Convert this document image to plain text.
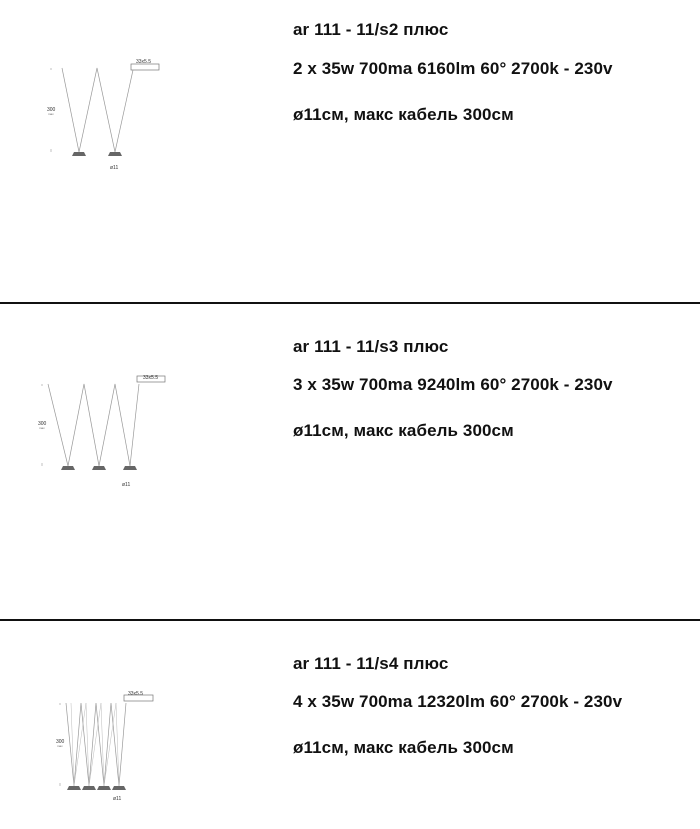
33x5.5
300
max
ø11
ar 111 - 11/s2 плюс
2 x 35w 700ma 6160lm 60° 2700k - 230v
ø11см, макс кабель 300см
33x5.5
300
max
ø11
ar 111 - 11/s3 плюс
3 x 35w 700ma 9240lm 60° 2700k - 230v
ø11см, макс кабель 300см
33x5.5
300
max
ø11
ar 111 - 11/s4 плюс
4 x 35w 700ma 12320lm 60° 2700k - 230v
ø11см, макс кабель 300см
